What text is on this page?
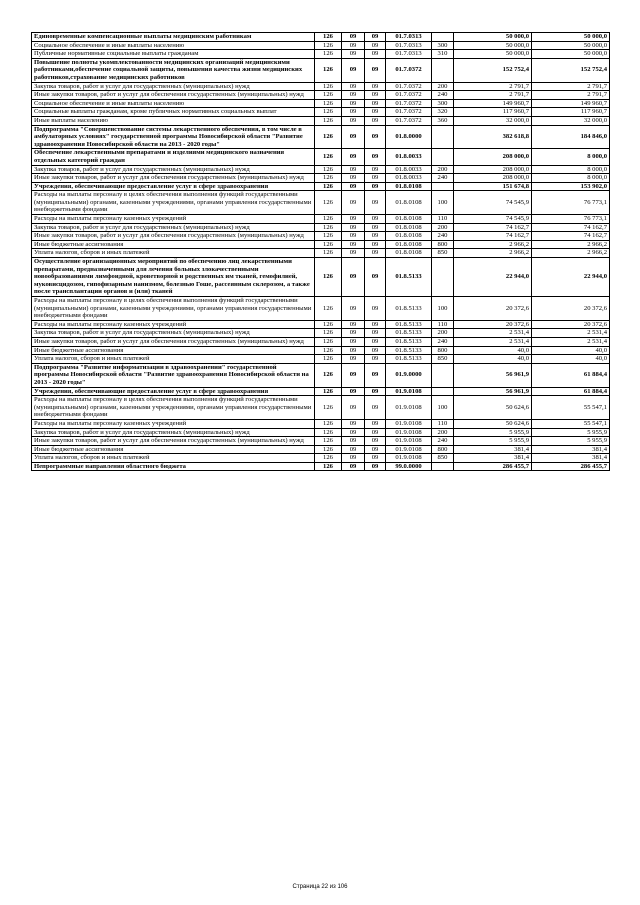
Единовременные компенсационные выплаты медицинским работникам	126	09	09	01.7.0313		50 000,0	50 000,0
Социальное обеспечение и иные выплаты населению	126	09	09	01.7.0313	300	50 000,0	50 000,0
Публичные нормативные социальные выплаты гражданам	126	09	09	01.7.0313	310	50 000,0	50 000,0
Повышение полноты укомплектованности медицинских организаций медицинскими работниками,обеспечение социальной защиты, повышения качества жизни медицинских работников,страхование медицинских работников	126	09	09	01.7.0372		152 752,4	152 752,4
Закупка товаров, работ и услуг для государственных (муниципальных) нужд	126	09	09	01.7.0372	200	2 791,7	2 791,7
Иные закупки товаров, работ и услуг для обеспечения государственных (муниципальных) нужд	126	09	09	01.7.0372	240	2 791,7	2 791,7
Социальное обеспечение и иные выплаты населению	126	09	09	01.7.0372	300	149 960,7	149 960,7
Социальные выплаты гражданам, кроме публичных нормативных социальных выплат	126	09	09	01.7.0372	320	117 960,7	117 960,7
Иные выплаты населению	126	09	09	01.7.0372	360	32 000,0	32 000,0
Подпрограмма "Совершенствование системы лекарственного обеспечения, в том числе в амбулаторных условиях" государственной программы Новосибирской области "Развитие здравоохранения Новосибирской области на 2013 - 2020 годы"	126	09	09	01.8.0000		382 618,8	184 846,0
Обеспечение лекарственными препаратами и изделиями медицинского назначения отдельных категорий граждан	126	09	09	01.8.0033		208 000,0	8 000,0
Закупка товаров, работ и услуг для государственных (муниципальных) нужд	126	09	09	01.8.0033	200	208 000,0	8 000,0
Иные закупки товаров, работ и услуг для обеспечения государственных (муниципальных) нужд	126	09	09	01.8.0033	240	208 000,0	8 000,0
Учреждения, обеспечивающие предоставление услуг в сфере здравоохранения	126	09	09	01.8.0108		151 674,8	153 902,0
Расходы на выплаты персоналу в целях обеспечения выполнения функций государственными (муниципальными) органами, казенными учреждениями, органами управления государственными внебюджетными фондами	126	09	09	01.8.0108	100	74 545,9	76 773,1
Расходы на выплаты персоналу казенных учреждений	126	09	09	01.8.0108	110	74 545,9	76 773,1
Закупка товаров, работ и услуг для государственных (муниципальных) нужд	126	09	09	01.8.0108	200	74 162,7	74 162,7
Иные закупки товаров, работ и услуг для обеспечения государственных (муниципальных) нужд	126	09	09	01.8.0108	240	74 162,7	74 162,7
Иные бюджетные ассигнования	126	09	09	01.8.0108	800	2 966,2	2 966,2
Уплата налогов, сборов и иных платежей	126	09	09	01.8.0108	850	2 966,2	2 966,2
Осуществление организационных мероприятий по обеспечению лиц лекарственными препаратами, предназначенными для лечения больных злокачественными новообразованиями лимфоидной, кроветворной и родственных им тканей, гемофилией, муковисцидозом, гипофизарным нанизмом, болезнью Гоше, рассеянным склерозом, а также после трансплантации органов и (или) тканей	126	09	09	01.8.5133		22 944,0	22 944,0
Расходы на выплаты персоналу в целях обеспечения выполнения функций государственными (муниципальными) органами, казенными учреждениями, органами управления государственными внебюджетными фондами	126	09	09	01.8.5133	100	20 372,6	20 372,6
Расходы на выплаты персоналу казенных учреждений	126	09	09	01.8.5133	110	20 372,6	20 372,6
Закупка товаров, работ и услуг для государственных (муниципальных) нужд	126	09	09	01.8.5133	200	2 531,4	2 531,4
Иные закупки товаров, работ и услуг для обеспечения государственных (муниципальных) нужд	126	09	09	01.8.5133	240	2 531,4	2 531,4
Иные бюджетные ассигнования	126	09	09	01.8.5133	800	40,0	40,0
Уплата налогов, сборов и иных платежей	126	09	09	01.8.5133	850	40,0	40,0
Подпрограмма "Развитие информатизации в здравоохранении" государственной программы Новосибирской области "Развитие здравоохранения Новосибирской области на 2013 - 2020 годы"	126	09	09	01.9.0000		56 961,9	61 884,4
Учреждения, обеспечивающие предоставление услуг в сфере здравоохранения	126	09	09	01.9.0108		56 961,9	61 884,4
Расходы на выплаты персоналу в целях обеспечения выполнения функций государственными (муниципальными) органами, казенными учреждениями, органами управления государственными внебюджетными фондами	126	09	09	01.9.0108	100	50 624,6	55 547,1
Расходы на выплаты персоналу казенных учреждений	126	09	09	01.9.0108	110	50 624,6	55 547,1
Закупка товаров, работ и услуг для государственных (муниципальных) нужд	126	09	09	01.9.0108	200	5 955,9	5 955,9
Иные закупки товаров, работ и услуг для обеспечения государственных (муниципальных) нужд	126	09	09	01.9.0108	240	5 955,9	5 955,9
Иные бюджетные ассигнования	126	09	09	01.9.0108	800	381,4	381,4
Уплата налогов, сборов и иных платежей	126	09	09	01.9.0108	850	381,4	381,4
Непрограммные направления областного бюджета	126	09	09	99.0.0000		286 455,7	286 455,7
Страница 22 из 106
